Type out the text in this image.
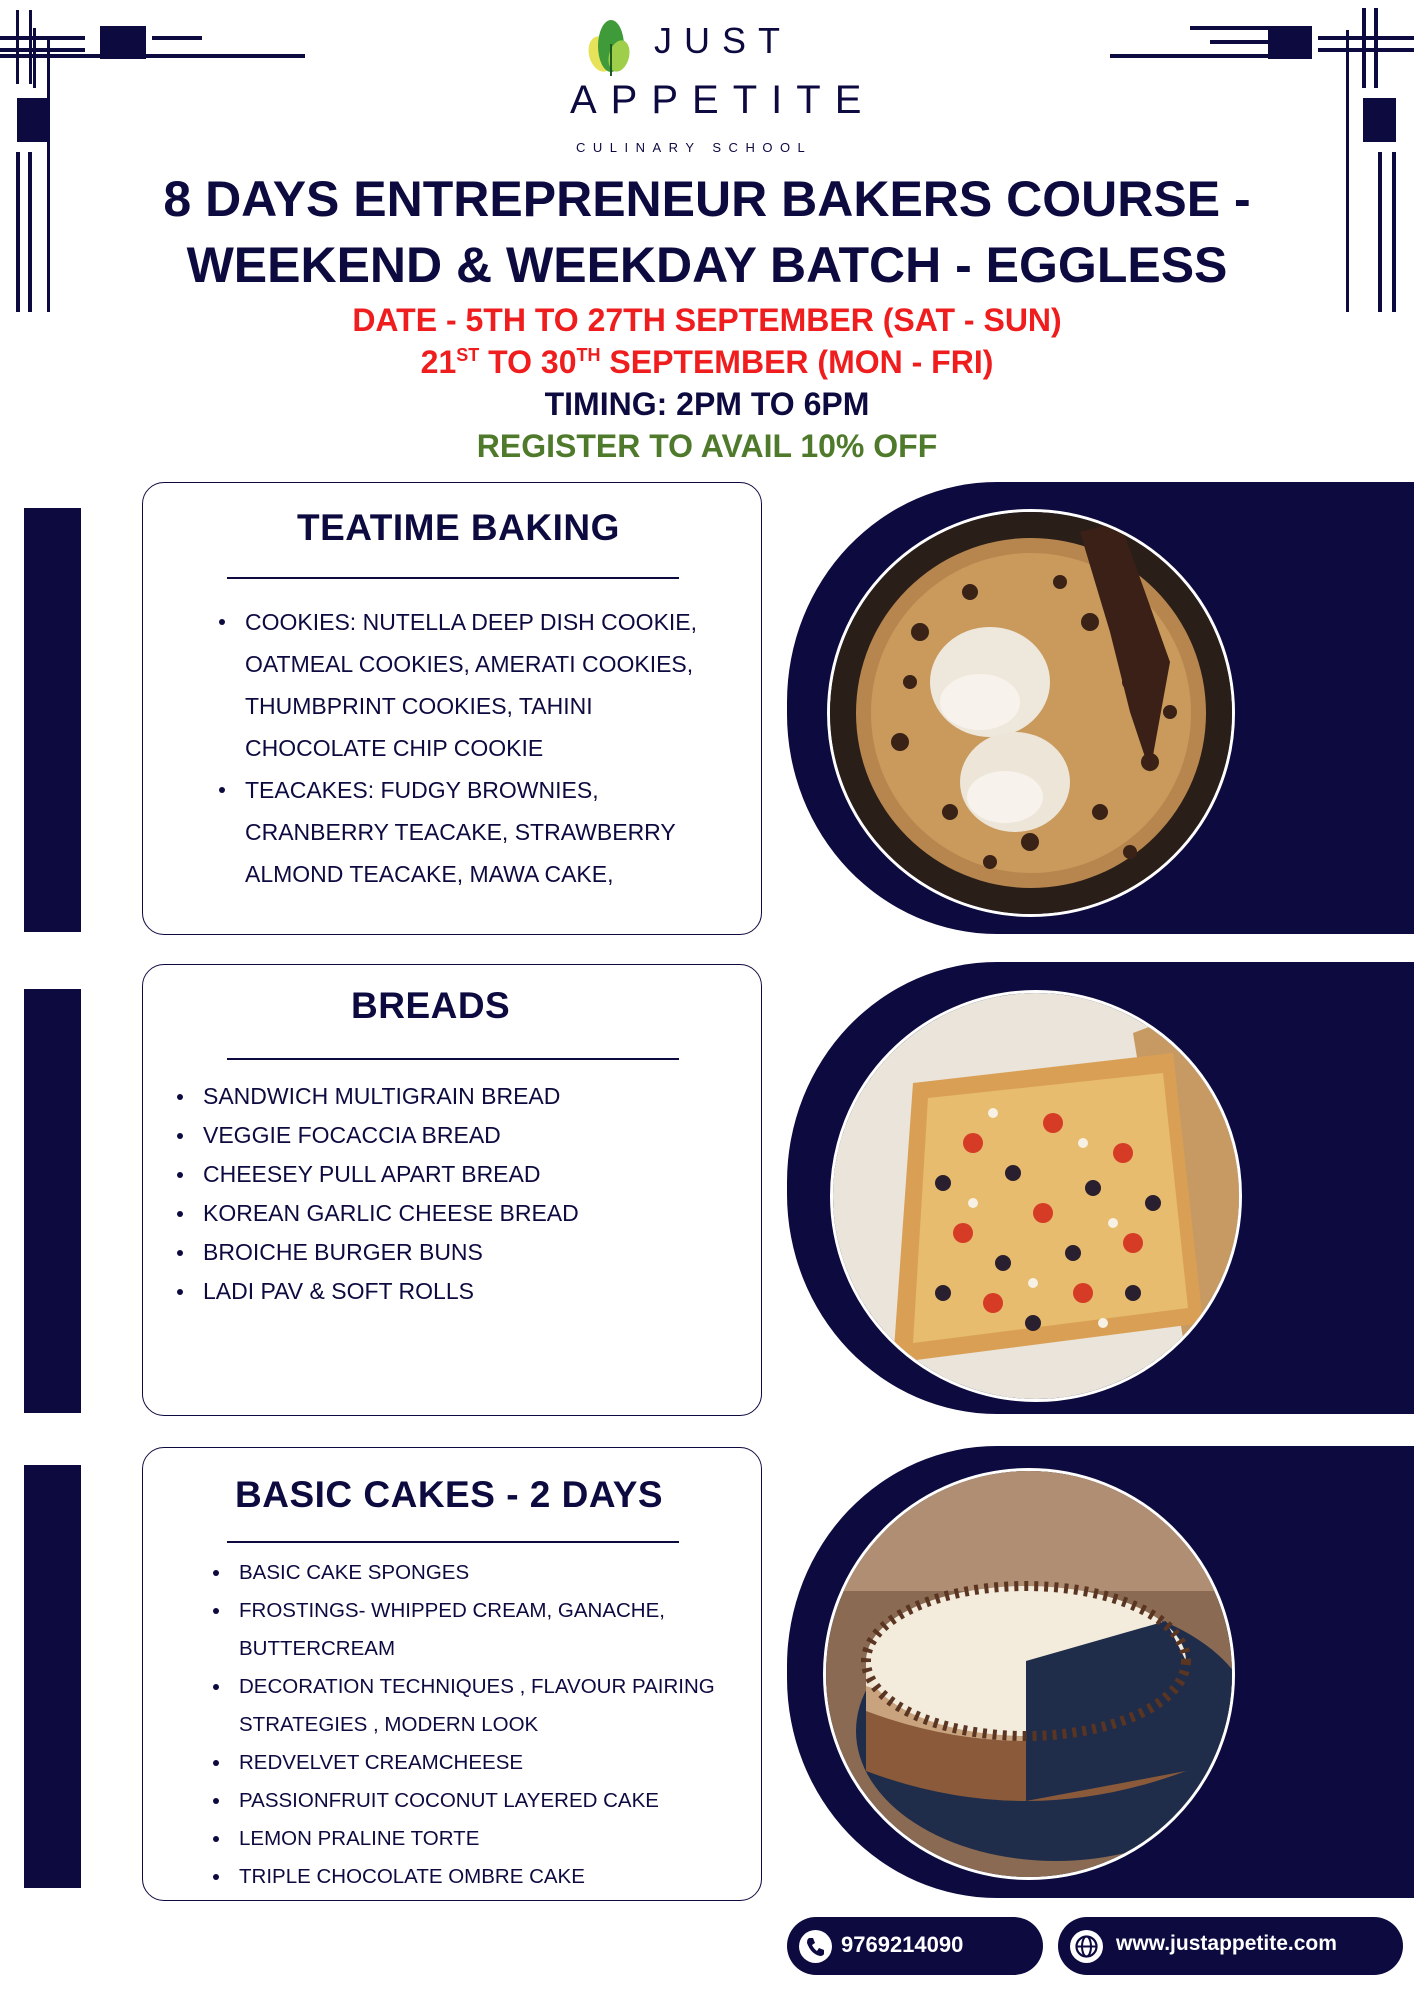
JUST
APPETITE
CULINARY SCHOOL
8 DAYS ENTREPRENEUR BAKERS COURSE -
WEEKEND & WEEKDAY BATCH - EGGLESS
DATE - 5TH TO 27TH SEPTEMBER (SAT - SUN)
21ST TO 30TH SEPTEMBER (MON - FRI)
TIMING: 2PM TO 6PM
REGISTER TO AVAIL 10% OFF
TEATIME BAKING
COOKIES: NUTELLA DEEP DISH COOKIE,
OATMEAL COOKIES, AMERATI COOKIES,
THUMBPRINT COOKIES, TAHINI
CHOCOLATE CHIP COOKIE
TEACAKES: FUDGY BROWNIES,
CRANBERRY TEACAKE, STRAWBERRY
ALMOND TEACAKE, MAWA CAKE,
BREADS
SANDWICH MULTIGRAIN BREAD
VEGGIE FOCACCIA BREAD
CHEESEY PULL APART BREAD
KOREAN GARLIC CHEESE BREAD
BROICHE BURGER BUNS
LADI PAV & SOFT ROLLS
BASIC CAKES - 2 DAYS
BASIC CAKE SPONGES
FROSTINGS- WHIPPED CREAM, GANACHE,
BUTTERCREAM
DECORATION TECHNIQUES , FLAVOUR PAIRING
STRATEGIES , MODERN LOOK
REDVELVET CREAMCHEESE
PASSIONFRUIT COCONUT LAYERED CAKE
LEMON PRALINE TORTE
TRIPLE CHOCOLATE OMBRE CAKE
9769214090	www.justappetite.com
